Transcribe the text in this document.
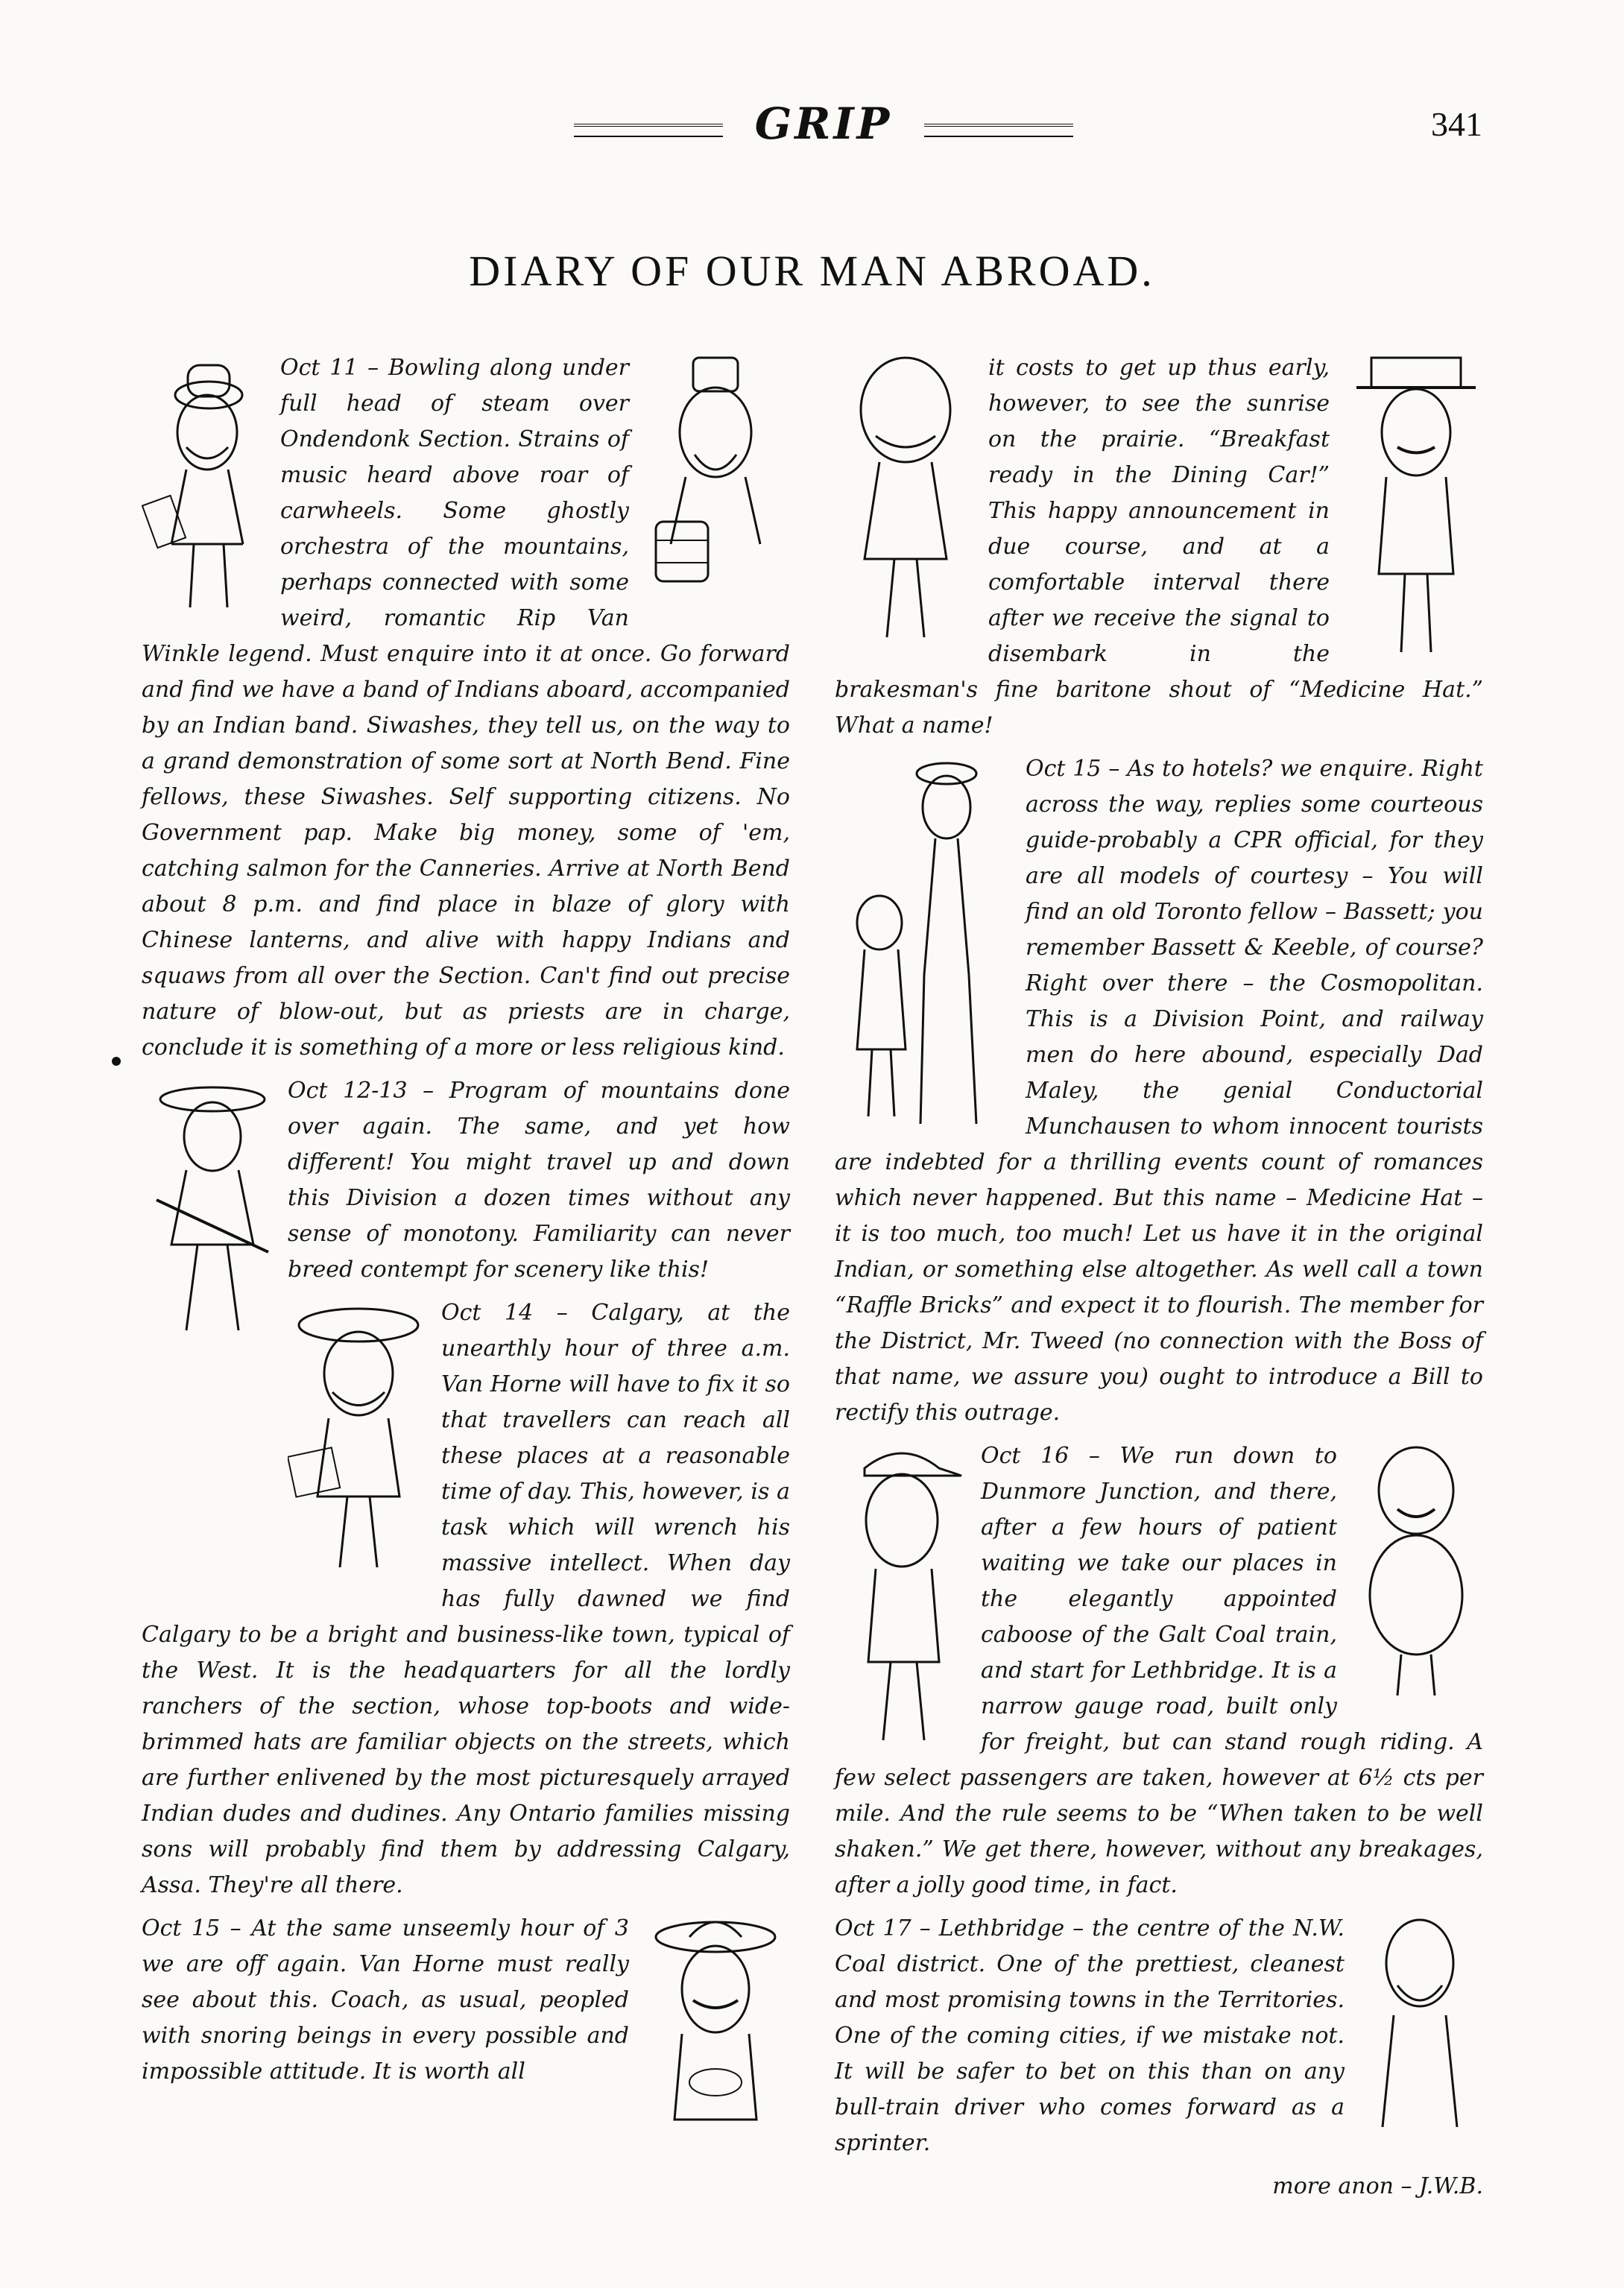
GRIP	341
DIARY OF OUR MAN ABROAD.

Oct 11 – Bowling along under full head of steam over Ondendonk Section. Strains of music heard above roar of carwheels. Some ghostly orchestra of the mountains, perhaps connected with some weird, romantic Rip Van Winkle legend. Must enquire into it at once. Go forward and find we have a band of Indians aboard, accompanied by an Indian band. Siwashes, they tell us, on the way to a grand demonstration of some sort at North Bend. Fine fellows, these Siwashes. Self supporting citizens. No Government pap. Make big money, some of 'em, catching salmon for the Canneries. Arrive at North Bend about 8 p.m. and find place in blaze of glory with Chinese lanterns, and alive with happy Indians and squaws from all over the Section. Can't find out precise nature of blow-out, but as priests are in charge, conclude it is something of a more or less religious kind.

Oct 12-13 – Program of mountains done over again. The same, and yet how different! You might travel up and down this Division a dozen times without any sense of monotony. Familiarity can never breed contempt for scenery like this!

Oct 14 – Calgary, at the unearthly hour of three a.m. Van Horne will have to fix it so that travellers can reach all these places at a reasonable time of day. This, however, is a task which will wrench his massive intellect. When day has fully dawned we find Calgary to be a bright and business-like town, typical of the West. It is the headquarters for all the lordly ranchers of the section, whose top-boots and wide-brimmed hats are familiar objects on the streets, which are further enlivened by the most picturesquely arrayed Indian dudes and dudines. Any Ontario families missing sons will probably find them by addressing Calgary, Assa. They're all there.

Oct 15 – At the same unseemly hour of 3 we are off again. Van Horne must really see about this. Coach, as usual, peopled with snoring beings in every possible and impossible attitude. It is worth all

it costs to get up thus early, however, to see the sunrise on the prairie. “Breakfast ready in the Dining Car!” This happy announcement in due course, and at a comfortable interval there after we receive the signal to disembark in the brakesman's fine baritone shout of “Medicine Hat.” What a name!

Oct 15 – As to hotels? we enquire. Right across the way, replies some courteous guide-probably a CPR official, for they are all models of courtesy – You will find an old Toronto fellow – Bassett; you remember Bassett & Keeble, of course? Right over there – the Cosmopolitan. This is a Division Point, and railway men do here abound, especially Dad Maley, the genial Conductorial Munchausen to whom innocent tourists are indebted for a thrilling events count of romances which never happened. But this name – Medicine Hat – it is too much, too much! Let us have it in the original Indian, or something else altogether. As well call a town “Raffle Bricks” and expect it to flourish. The member for the District, Mr. Tweed (no connection with the Boss of that name, we assure you) ought to introduce a Bill to rectify this outrage.

Oct 16 – We run down to Dunmore Junction, and there, after a few hours of patient waiting we take our places in the elegantly appointed caboose of the Galt Coal train, and start for Lethbridge. It is a narrow gauge road, built only for freight, but can stand rough riding. A few select passengers are taken, however at 6½ cts per mile. And the rule seems to be “When taken to be well shaken.” We get there, however, without any breakages, after a jolly good time, in fact.

Oct 17 – Lethbridge – the centre of the N.W. Coal district. One of the prettiest, cleanest and most promising towns in the Territories. One of the coming cities, if we mistake not. It will be safer to bet on this than on any bull-train driver who comes forward as a sprinter.

more anon – J.W.B.
